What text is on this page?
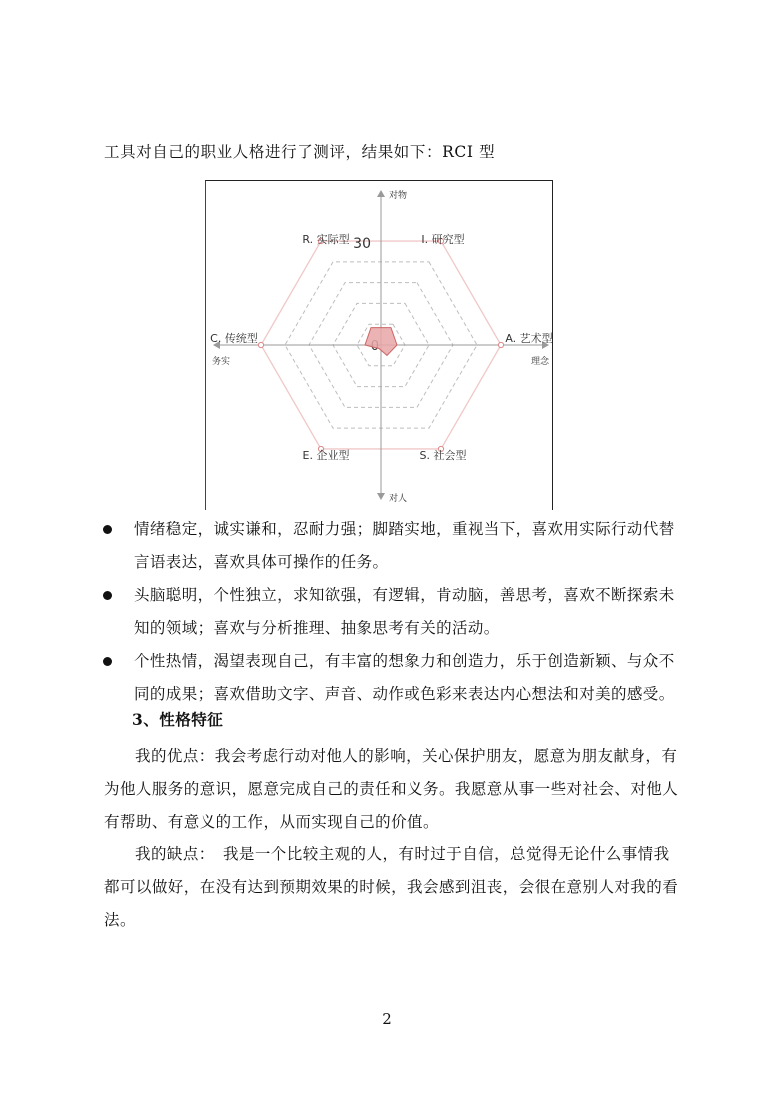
工具对自己的职业人格进行了测评，结果如下：RCI 型
30	I. 研究型
A. 艺术型
S. 社会型
E. 企业型
C. 传统型
R. 实际型
对物
对人
务实	理念
情绪稳定，诚实谦和，忍耐力强；脚踏实地，重视当下，喜欢用实际行动代替言语表达，喜欢具体可操作的任务。
头脑聪明，个性独立，求知欲强，有逻辑，肯动脑，善思考，喜欢不断探索未知的领域；喜欢与分析推理、抽象思考有关的活动。
个性热情，渴望表现自己，有丰富的想象力和创造力，乐于创造新颖、与众不同的成果；喜欢借助文字、声音、动作或色彩来表达内心想法和对美的感受。
3、性格特征
我的优点：我会考虑行动对他人的影响，关心保护朋友，愿意为朋友献身，有为他人服务的意识，愿意完成自己的责任和义务。我愿意从事一些对社会、对他人 有帮助、有意义的工作，从而实现自己的价值。
我的缺点：　我是一个比较主观的人，有时过于自信，总觉得无论什么事情我都可以做好，在没有达到预期效果的时候，我会感到沮丧，会很在意别人对我的看法。
2
